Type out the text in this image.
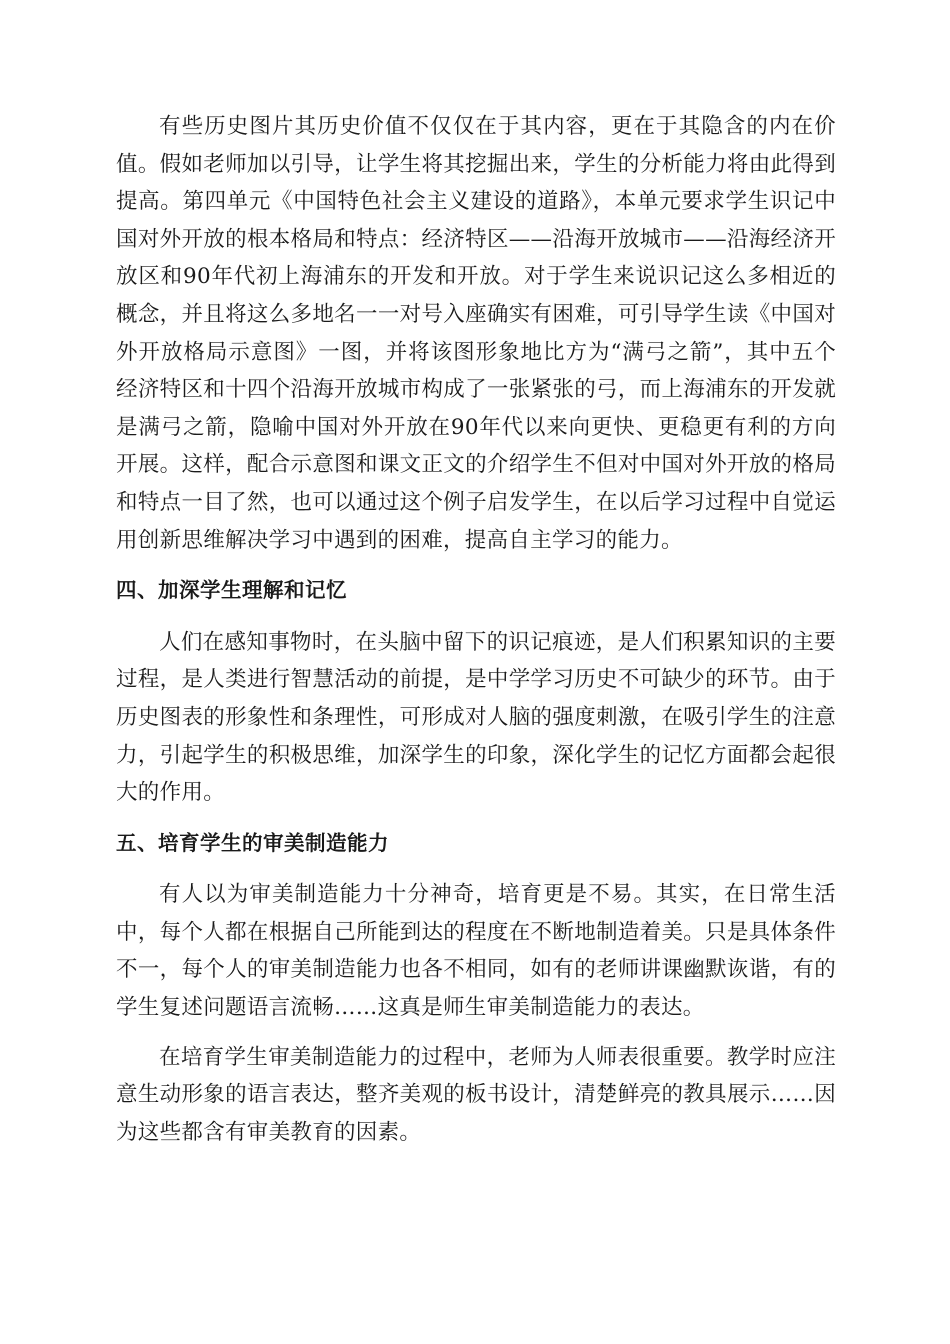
有些历史图片其历史价值不仅仅在于其内容，更在于其隐含的内在价值。假如老师加以引导，让学生将其挖掘出来，学生的分析能力将由此得到提高。第四单元《中国特色社会主义建设的道路》，本单元要求学生识记中国对外开放的根本格局和特点：经济特区——沿海开放城市——沿海经济开放区和90年代初上海浦东的开发和开放。对于学生来说识记这么多相近的概念，并且将这么多地名一一对号入座确实有困难，可引导学生读《中国对外开放格局示意图》一图，并将该图形象地比方为“满弓之箭”，其中五个经济特区和十四个沿海开放城市构成了一张紧张的弓，而上海浦东的开发就是满弓之箭，隐喻中国对外开放在90年代以来向更快、更稳更有利的方向开展。这样，配合示意图和课文正文的介绍学生不但对中国对外开放的格局和特点一目了然，也可以通过这个例子启发学生，在以后学习过程中自觉运用创新思维解决学习中遇到的困难，提高自主学习的能力。

四、加深学生理解和记忆

人们在感知事物时，在头脑中留下的识记痕迹，是人们积累知识的主要过程，是人类进行智慧活动的前提，是中学学习历史不可缺少的环节。由于历史图表的形象性和条理性，可形成对人脑的强度刺激，在吸引学生的注意力，引起学生的积极思维，加深学生的印象，深化学生的记忆方面都会起很大的作用。

五、培育学生的审美制造能力

有人以为审美制造能力十分神奇，培育更是不易。其实，在日常生活中，每个人都在根据自己所能到达的程度在不断地制造着美。只是具体条件不一，每个人的审美制造能力也各不相同，如有的老师讲课幽默诙谐，有的学生复述问题语言流畅……这真是师生审美制造能力的表达。

在培育学生审美制造能力的过程中，老师为人师表很重要。教学时应注意生动形象的语言表达，整齐美观的板书设计，清楚鲜亮的教具展示……因为这些都含有审美教育的因素。
